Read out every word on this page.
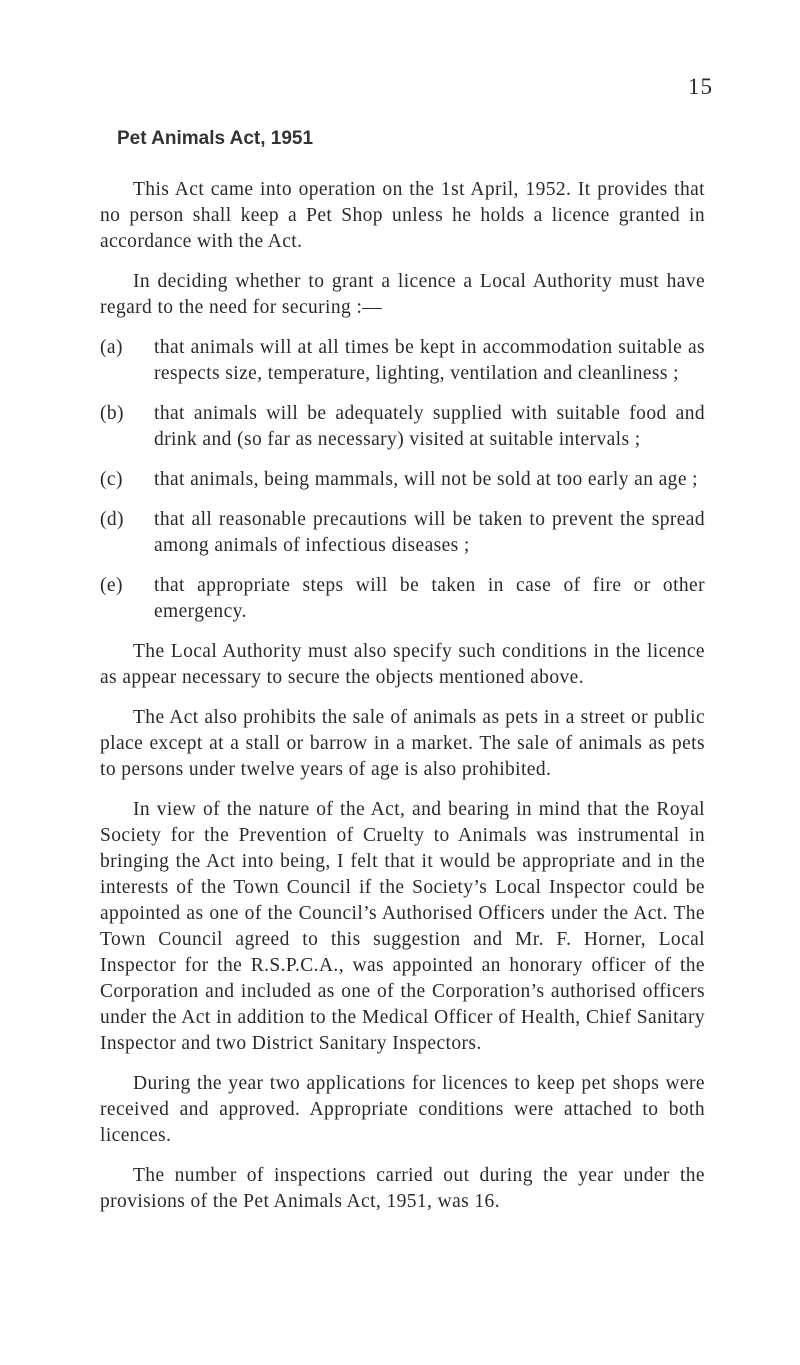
15
Pet Animals Act, 1951

This Act came into operation on the 1st April, 1952. It provides that no person shall keep a Pet Shop unless he holds a licence granted in accordance with the Act.

In deciding whether to grant a licence a Local Authority must have regard to the need for securing :—

(a) that animals will at all times be kept in accommodation suitable as respects size, temperature, lighting, ventilation and cleanliness ;
(b) that animals will be adequately supplied with suitable food and drink and (so far as necessary) visited at suitable intervals ;
(c) that animals, being mammals, will not be sold at too early an age ;
(d) that all reasonable precautions will be taken to prevent the spread among animals of infectious diseases ;
(e) that appropriate steps will be taken in case of fire or other emergency.

The Local Authority must also specify such conditions in the licence as appear necessary to secure the objects mentioned above.

The Act also prohibits the sale of animals as pets in a street or public place except at a stall or barrow in a market. The sale of animals as pets to persons under twelve years of age is also prohibited.

In view of the nature of the Act, and bearing in mind that the Royal Society for the Prevention of Cruelty to Animals was instrumental in bringing the Act into being, I felt that it would be appropriate and in the interests of the Town Council if the Society’s Local Inspector could be appointed as one of the Council’s Authorised Officers under the Act. The Town Council agreed to this suggestion and Mr. F. Horner, Local Inspector for the R.S.P.C.A., was appointed an honorary officer of the Corporation and included as one of the Corporation’s authorised officers under the Act in addition to the Medical Officer of Health, Chief Sanitary Inspector and two District Sanitary Inspectors.

During the year two applications for licences to keep pet shops were received and approved. Appropriate conditions were attached to both licences.

The number of inspections carried out during the year under the provisions of the Pet Animals Act, 1951, was 16.
